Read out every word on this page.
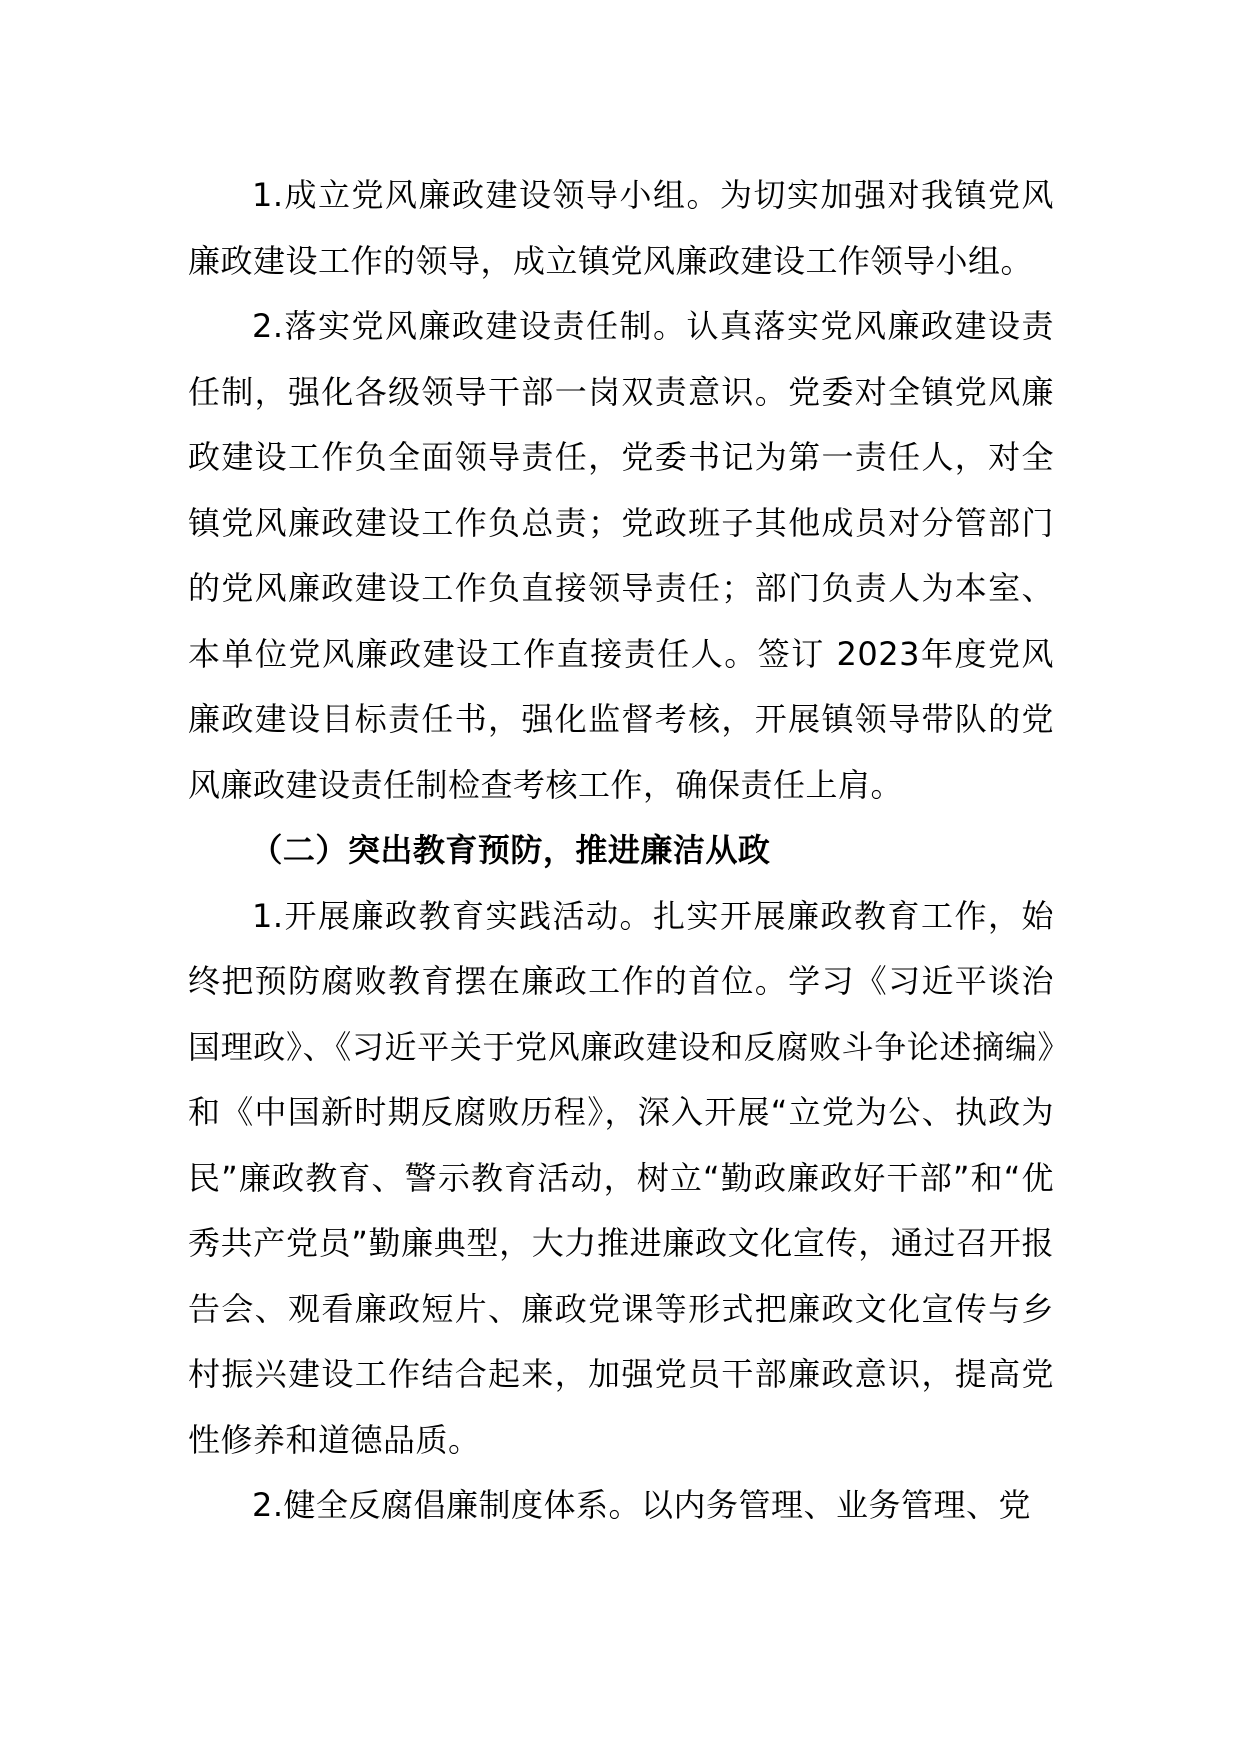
1.成立党风廉政建设领导小组。为切实加强对我镇党风廉政建设工作的领导，成立镇党风廉政建设工作领导小组。

2.落实党风廉政建设责任制。认真落实党风廉政建设责任制，强化各级领导干部一岗双责意识。党委对全镇党风廉政建设工作负全面领导责任，党委书记为第一责任人，对全镇党风廉政建设工作负总责；党政班子其他成员对分管部门的党风廉政建设工作负直接领导责任；部门负责人为本室、本单位党风廉政建设工作直接责任人。签订 2023年度党风廉政建设目标责任书，强化监督考核，开展镇领导带队的党风廉政建设责任制检查考核工作，确保责任上肩。

（二）突出教育预防，推进廉洁从政

1.开展廉政教育实践活动。扎实开展廉政教育工作，始终把预防腐败教育摆在廉政工作的首位。学习《习近平谈治国理政》、《习近平关于党风廉政建设和反腐败斗争论述摘编》和《中国新时期反腐败历程》，深入开展“立党为公、执政为民”廉政教育、警示教育活动，树立“勤政廉政好干部”和“优秀共产党员”勤廉典型，大力推进廉政文化宣传，通过召开报告会、观看廉政短片、廉政党课等形式把廉政文化宣传与乡村振兴建设工作结合起来，加强党员干部廉政意识，提高党性修养和道德品质。

2.健全反腐倡廉制度体系。以内务管理、业务管理、党
